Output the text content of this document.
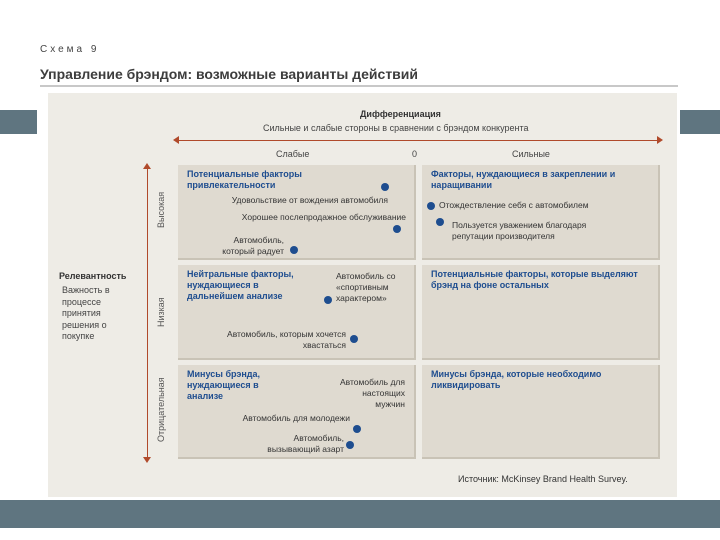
Схема 9
Управление брэндом: возможные варианты действий
Дифференциация
Сильные и слабые стороны в сравнении с брэндом конкурента
Слабые	0	Сильные
Высокая
Низкая
Отрицательная
Релевантность
Важность в процессе принятия решения о покупке
Потенциальные факторы привлекательности
Удовольствие от вождения автомобиля
Хорошее послепродажное обслуживание
Автомобиль, который радует
Факторы, нуждающиеся в закреплении и наращивании
Отождествление себя с автомобилем
Пользуется уважением благодаря репутации производителя
Нейтральные факторы, нуждающиеся в дальнейшем анализе
Автомобиль со «спортивным характером»
Автомобиль, которым хочется хвастаться
Потенциальные факторы, которые выделяют брэнд на фоне остальных
Минусы брэнда, нуждающиеся в анализе
Автомобиль для настоящих мужчин
Автомобиль для молодежи
Автомобиль, вызывающий азарт
Минусы брэнда, которые необходимо ликвидировать
Источник: McKinsey Brand Health Survey.
